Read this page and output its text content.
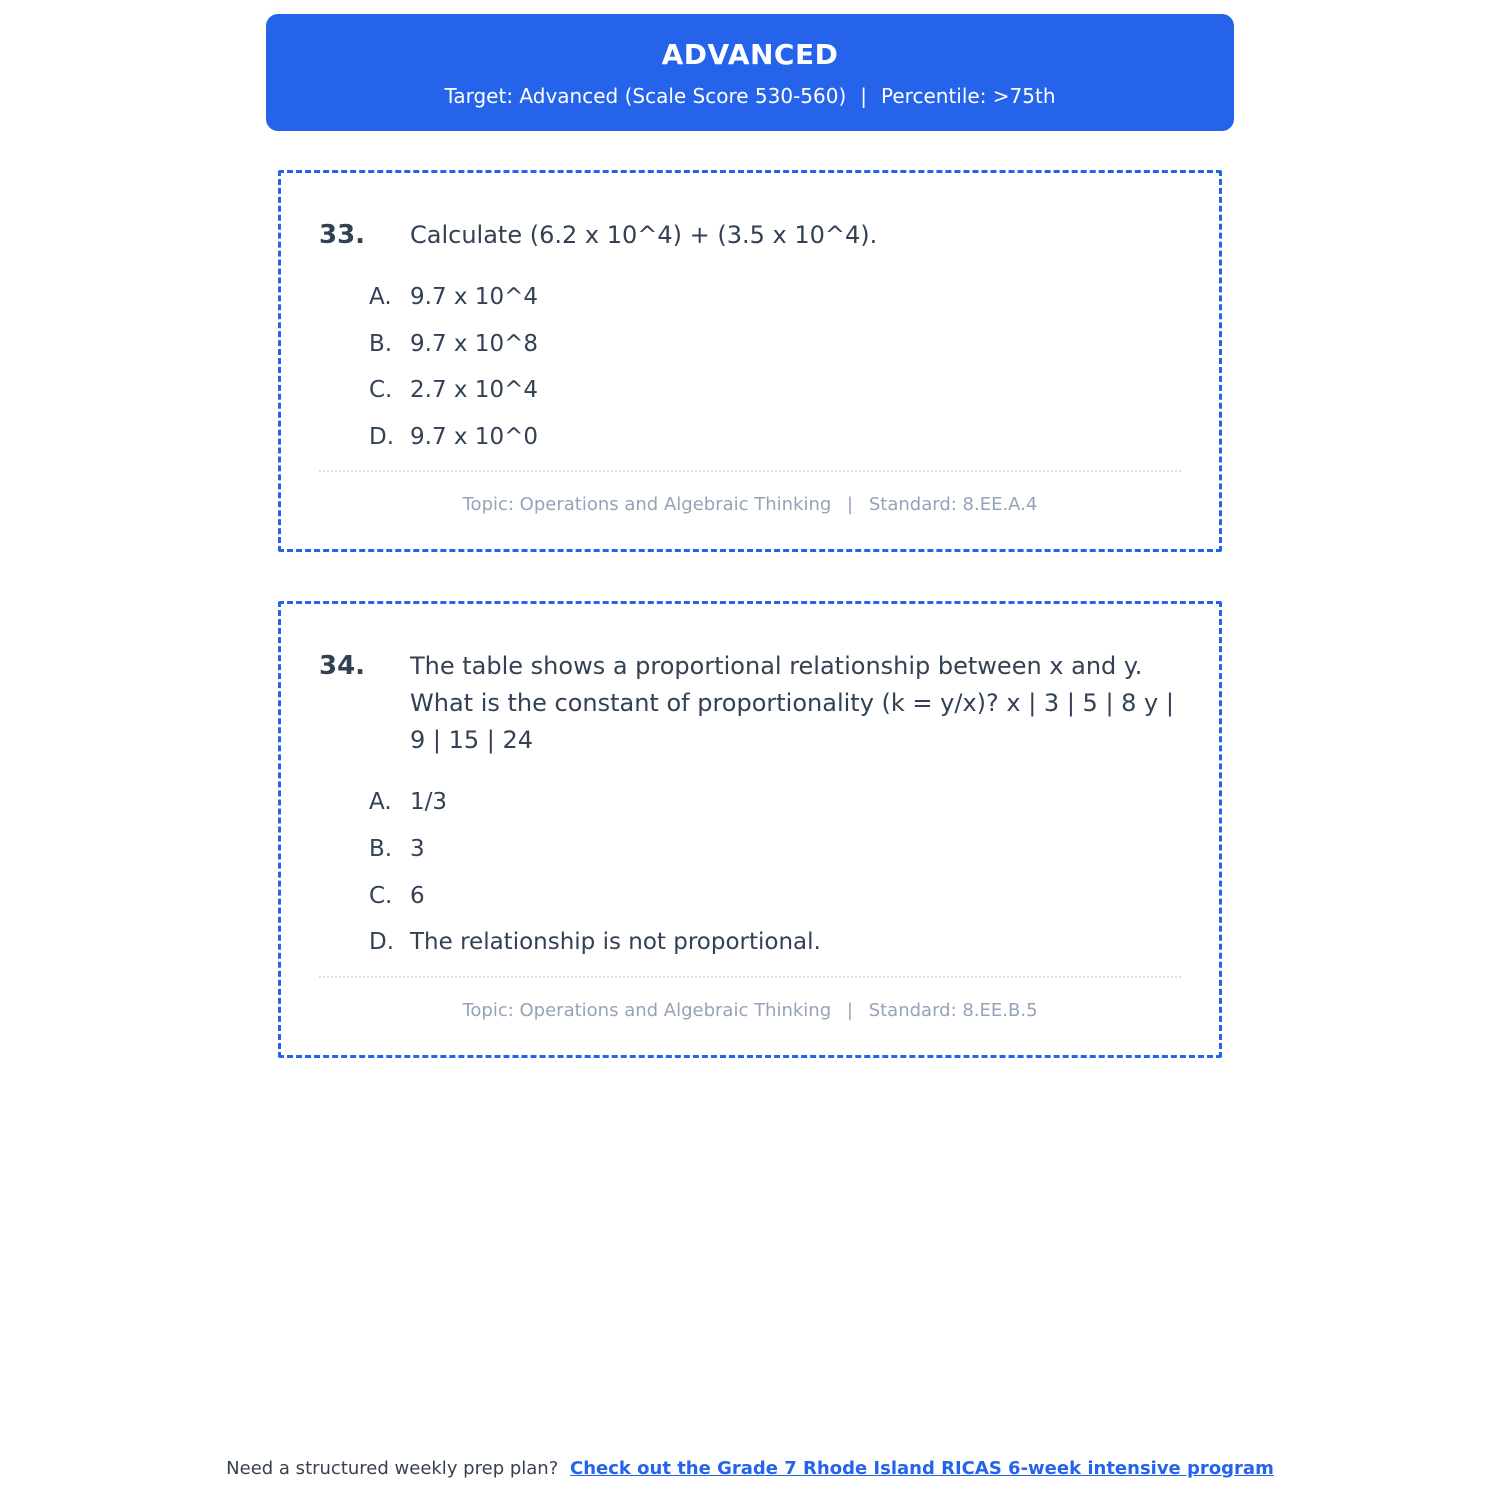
ADVANCED
Target: Advanced (Scale Score 530-560) | Percentile: >75th
33.	Calculate (6.2 x 10^4) + (3.5 x 10^4).
A. 9.7 x 10^4
B. 9.7 x 10^8
C. 2.7 x 10^4
D. 9.7 x 10^0
Topic: Operations and Algebraic Thinking | Standard: 8.EE.A.4
34.	The table shows a proportional relationship between x and y. What is the constant of proportionality (k = y/x)? x | 3 | 5 | 8 y | 9 | 15 | 24
A. 1/3
B. 3
C. 6
D. The relationship is not proportional.
Topic: Operations and Algebraic Thinking | Standard: 8.EE.B.5
Need a structured weekly prep plan? Check out the Grade 7 Rhode Island RICAS 6-week intensive program
